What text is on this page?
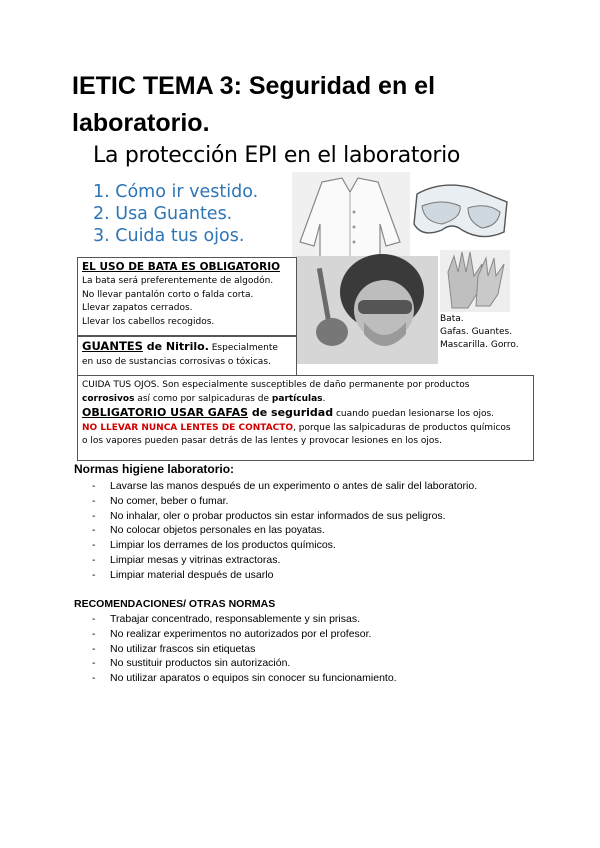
IETIC TEMA 3: Seguridad en el laboratorio.
La protección EPI en el laboratorio
1. Cómo ir vestido.
2. Usa Guantes.
3. Cuida tus ojos.
Bata.
Gafas. Guantes.
Mascarilla. Gorro.
EL USO DE BATA ES OBLIGATORIO
La bata será preferentemente de algodón.
No llevar pantalón corto o falda corta.
Llevar zapatos cerrados.
Llevar los cabellos recogidos.
GUANTES de Nitrilo. Especialmente
en uso de sustancias corrosivas o tóxicas.
CUIDA TUS OJOS. Son especialmente susceptibles de daño permanente por productos
corrosivos así como por salpicaduras de partículas.
OBLIGATORIO USAR GAFAS de seguridad cuando puedan lesionarse los ojos.
NO LLEVAR NUNCA LENTES DE CONTACTO, porque las salpicaduras de productos químicos
o los vapores pueden pasar detrás de las lentes y provocar lesiones en los ojos.
Normas higiene laboratorio:
- Lavarse las manos después de un experimento o antes de salir del laboratorio.
- No comer, beber o fumar.
- No inhalar, oler o probar productos sin estar informados de sus peligros.
- No colocar objetos personales en las poyatas.
- Limpiar los derrames de los productos químicos.
- Limpiar mesas y vitrinas extractoras.
- Limpiar material después de usarlo
RECOMENDACIONES/ OTRAS NORMAS
- Trabajar concentrado, responsablemente y sin prisas.
- No realizar experimentos no autorizados por el profesor.
- No utilizar frascos sin etiquetas
- No sustituir productos sin autorización.
- No utilizar aparatos o equipos sin conocer su funcionamiento.
